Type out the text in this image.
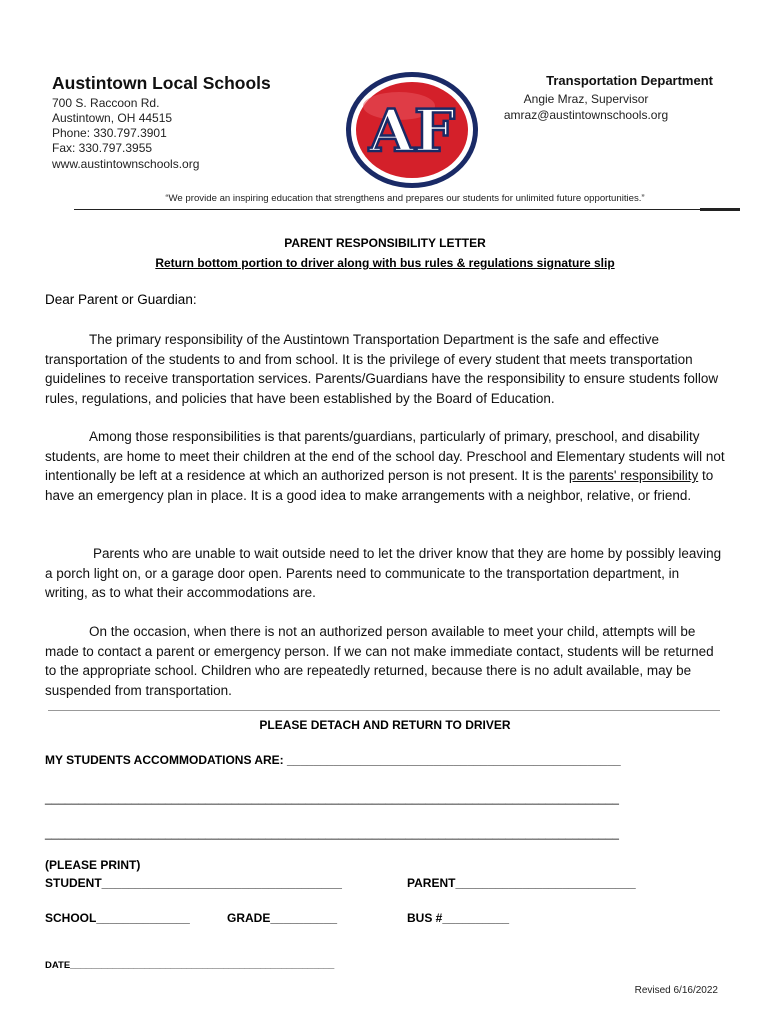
Austintown Local Schools
700 S. Raccoon Rd.
Austintown, OH 44515
Phone: 330.797.3901
Fax: 330.797.3955
www.austintownschools.org	AF
Transportation Department
Angie Mraz, Supervisor
amraz@austintownschools.org
“We provide an inspiring education that strengthens and prepares our students for unlimited future opportunities.”
PARENT RESPONSIBILITY LETTER
Return bottom portion to driver along with bus rules & regulations signature slip
Dear Parent or Guardian:
The primary responsibility of the Austintown Transportation Department is the safe and effective transportation of the students to and from school. It is the privilege of every student that meets transportation guidelines to receive transportation services. Parents/Guardians have the responsibility to ensure students follow rules, regulations, and policies that have been established by the Board of Education.
Among those responsibilities is that parents/guardians, particularly of primary, preschool, and disability students, are home to meet their children at the end of the school day. Preschool and Elementary students will not intentionally be left at a residence at which an authorized person is not present. It is the parents' responsibility to have an emergency plan in place. It is a good idea to make arrangements with a neighbor, relative, or friend.
Parents who are unable to wait outside need to let the driver know that they are home by possibly leaving a porch light on, or a garage door open. Parents need to communicate to the transportation department, in writing, as to what their accommodations are.
On the occasion, when there is not an authorized person available to meet your child, attempts will be made to contact a parent or emergency person. If we can not make immediate contact, students will be returned to the appropriate school. Children who are repeatedly returned, because there is no adult available, may be suspended from transportation.
PLEASE DETACH AND RETURN TO DRIVER
MY STUDENTS ACCOMMODATIONS ARE: __________________________________________________
______________________________________________________________________________________
______________________________________________________________________________________
(PLEASE PRINT)
STUDENT____________________________________	PARENT___________________________
SCHOOL______________	GRADE__________	BUS #__________
DATE__________________________________________________
Revised 6/16/2022
